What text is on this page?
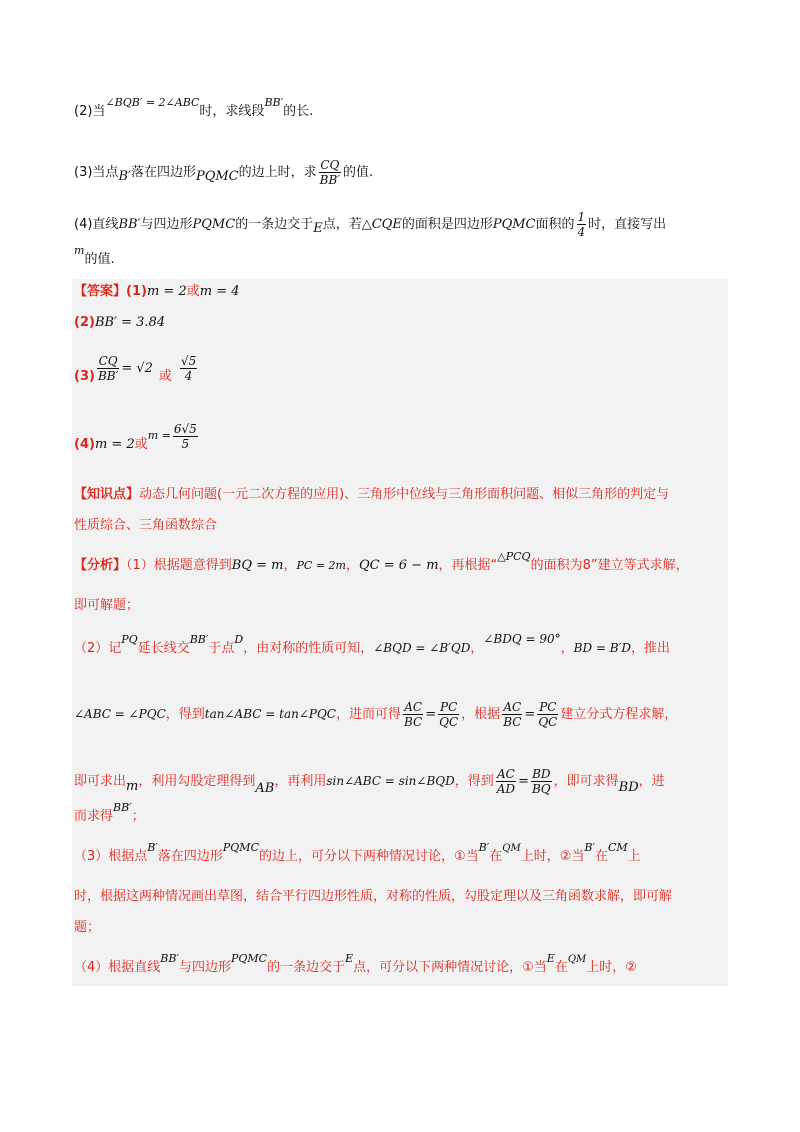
(2)当$^{\angle BQB' = 2\angle ABC}$时，求线段$^{BB'}$的长.
(3)当点B′落在四边形PQMC的边上时，求 $\frac{CQ}{BB'}$ 的值.
(4)直线BB′与四边形PQMC的一条边交于E点，若△CQE的面积是四边形PQMC面积的 $\frac{1}{4}$ 时，直接写出
$^m$的值.
【答案】(1)m = 2或m = 4
(2)BB′ = 3.84
$(3) \frac{CQ}{BB'} = √2$或 $\frac{√5}{4}$
(4)m = 2或$^{m =} \frac{6√5}{5}$
【知识点】动态几何问题(一元二次方程的应用)、三角形中位线与三角形面积问题、相似三角形的判定与
性质综合、三角函数综合
【分析】（1）根据题意得到BQ = m，PC = 2m，QC = 6 − m，再根据“$^{\triangle PCQ}$的面积为8”建立等式求解，
即可解题；
（2）记$^{PQ}$延长线交$^{BB'}$于点$^D$，由对称的性质可知，∠BQD = ∠B′QD，∠BDQ = 90°，BD = B′D，推出
∠ABC = ∠PQC，得到tan∠ABC = tan∠PQC，进而可得 $\frac{AC}{BC} = \frac{PC}{QC}$ ，根据 $\frac{AC}{BC} = \frac{PC}{QC}$ 建立分式方程求解，
即可求出m，利用勾股定理得到AB，再利用sin∠ABC = sin∠BQD，得到 $\frac{AC}{AD} = \frac{BD}{BQ}$ ，即可求得BD，进
而求得$^{BB'}$；
（3）根据点$^{B'}$落在四边形$^{PQMC}$的边上，可分以下两种情况讨论，①当$^{B'}$在$^{QM}$上时，②当$^{B'}$在$^{CM}$上
时，根据这两种情况画出草图，结合平行四边形性质，对称的性质，勾股定理以及三角函数求解，即可解
题；
（4）根据直线$^{BB'}$与四边形$^{PQMC}$的一条边交于$^E$点，可分以下两种情况讨论，①当$^E$在$^{QM}$上时，②
